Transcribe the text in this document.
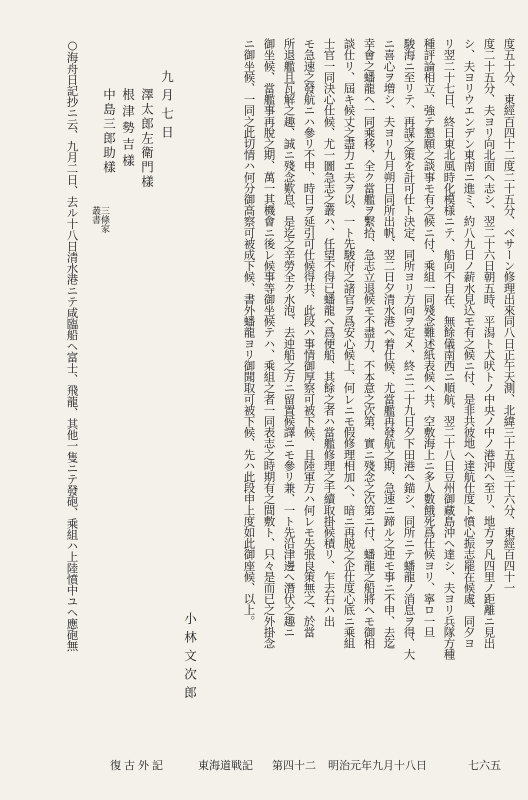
復古外記	東海道戦記 第四十二 明治元年九月十八日	七六五
度五十分、東經百四十二度二十五分、ベサーン修理出來同八日正午天測、北緯三十五度三十六分、東經百四十一
度二十五分、夫ヨリ向北面ヘ志シ、翌二十六日朝五時、平潟ト犬吠トノ中央ノ中ノ港沖ヘ至リ、地方ヲ凡四里ノ距離ニ見出
シ、夫ヨリウエンデン東南ニ進ミ、約八九日ノ薪水見込モ有之候ニ付、是非共彼地ヘ達航仕度ト憤心振志罷在候處、同夕ヨ
リ翌二十七日、終日東北風時化模様ニテ、船向不自在、無餘儀南西ニ順航、翌二十八日豆州御藏島沖ヘ達シ、夫ヨリ兵隊方種
種評論相立、強テ懇願之談事モ有之候ニ付、乘組一同殘念難述紙表候ヘ共、空敷海上ニ多人數餓死爲仕候ヨリ、寧ロ一旦
駿海ニ至リテ、再謀之策を計可仕ト決定、同所ヨリ方向ヲ定メ、終ニ二十九日夕下田港ヘ錨シ、同所ニテ蟠龍ノ消息ヲ得、大
ニ喜心ヲ増シ、夫ヨリ九月朔日同所出帆、翌二日夕清水港ヘ着仕候、尤當艦再發航之期、急速ニ蹄ル之迚モ事ニ不申、去迄
幸會之蟠龍ヘ一同乘移、全ク當艦ヲ繫拾、急志立退候モ不盡力、不本意之次第、實ニ殘念之次第ニ付、蟠龍之船將ヘモ御相
談仕リ、屆キ候丈之盡力エ夫ヲ以、一ト先駿府之諸官ヲ爲安心候上、何レニモ假修理相加ヘ、暗ニ再脱之企仕度心底ニ乘組
士官一同決心仕候、尤一圖急志之叢ハ、任望不得已蟠龍ヘ爲便船、其餘之者ハ當艦修理之手續取掛候積リ、乍去右ハ出
モ急速之發航ニハ參リ不申、時日ヲ延引可仕候得共、此段ハ事情御厚察可被下候、且陸軍方ハ何レモ失張良策無之、於當
所退艦且瓦解之趣、誠ニ殘念歎息、是迄之辛勞全ク水泡、去迚船之方ニ留置候譯ニモ參リ兼、一ト先沿津邊ヘ潛伏之趣ニ
御坐候、當艦事再脫之期、萬一其機會ニ後レ候事等御坐候テハ、乘組之者一同表志之時期有之間敷ト、只々是而已之外掛念
ニ御坐候、一同之此切情ハ何分御高察可被成下候、書外蟠龍ヨリ御聞取可被下候、先ハ此段申上度如此御座候、以上。
小林文次郎
九月七日
澤太郎左衛門樣
根津勢吉樣
中島三郎助樣
三條家
叢書
○海舟日記抄ニ云、九月二日、去ル十八日清水港ニテ咸臨船ヘ富士、飛龍、其他一隻ニテ發砲、乘組ハ上陸憤中ユヘ應砲無
